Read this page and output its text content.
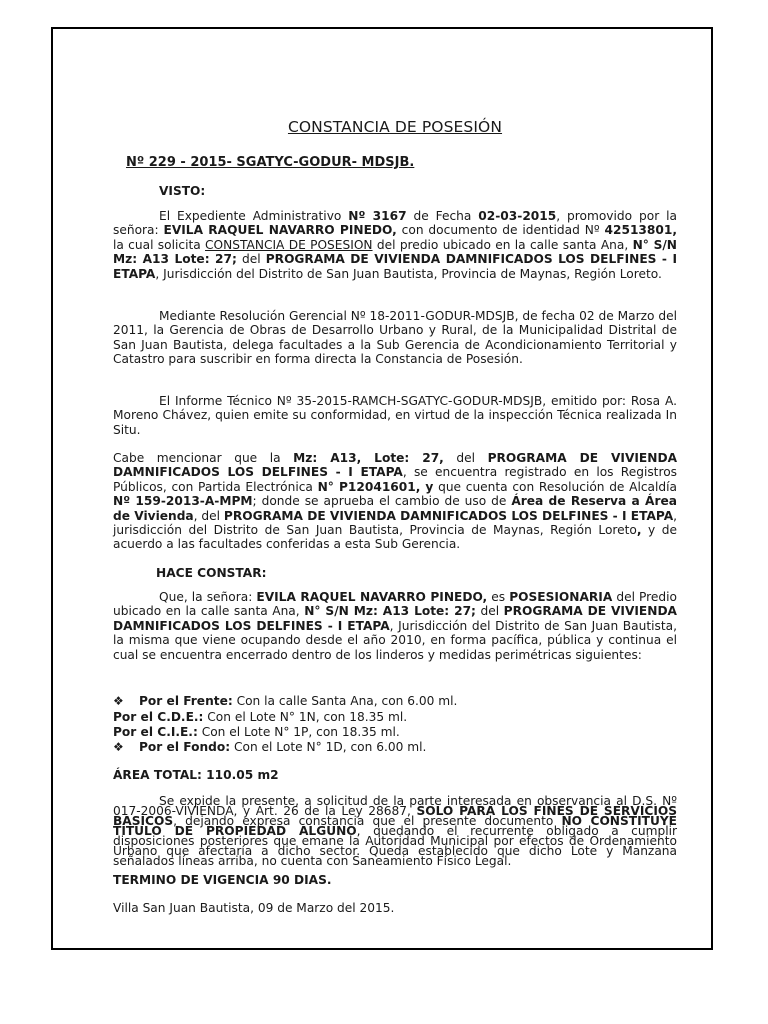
CONSTANCIA DE POSESIÓN
Nº 229 - 2015- SGATYC-GODUR- MDSJB.
VISTO:
El Expediente Administrativo Nº 3167 de Fecha 02-03-2015, promovido por la señora: EVILA RAQUEL NAVARRO PINEDO, con documento de identidad Nº 42513801, la cual solicita CONSTANCIA DE POSESION del predio ubicado en la calle santa Ana, N° S/N Mz: A13 Lote: 27; del PROGRAMA DE VIVIENDA DAMNIFICADOS LOS DELFINES - I ETAPA, Jurisdicción del Distrito de San Juan Bautista, Provincia de Maynas, Región Loreto.
Mediante Resolución Gerencial Nº 18-2011-GODUR-MDSJB, de fecha 02 de Marzo del 2011, la Gerencia de Obras de Desarrollo Urbano y Rural, de la Municipalidad Distrital de San Juan Bautista, delega facultades a la Sub Gerencia de Acondicionamiento Territorial y Catastro para suscribir en forma directa la Constancia de Posesión.
El Informe Técnico Nº 35-2015-RAMCH-SGATYC-GODUR-MDSJB, emitido por: Rosa A. Moreno Chávez, quien emite su conformidad, en virtud de la inspección Técnica realizada In Situ.
Cabe mencionar que la Mz: A13, Lote: 27, del PROGRAMA DE VIVIENDA DAMNIFICADOS LOS DELFINES - I ETAPA, se encuentra registrado en los Registros Públicos, con Partida Electrónica N° P12041601, y que cuenta con Resolución de Alcaldía Nº 159-2013-A-MPM; donde se aprueba el cambio de uso de Área de Reserva a Área de Vivienda, del PROGRAMA DE VIVIENDA DAMNIFICADOS LOS DELFINES - I ETAPA, jurisdicción del Distrito de San Juan Bautista, Provincia de Maynas, Región Loreto, y de acuerdo a las facultades conferidas a esta Sub Gerencia.
HACE CONSTAR:
Que, la señora: EVILA RAQUEL NAVARRO PINEDO, es POSESIONARIA del Predio ubicado en la calle santa Ana, N° S/N Mz: A13 Lote: 27; del PROGRAMA DE VIVIENDA DAMNIFICADOS LOS DELFINES - I ETAPA, Jurisdicción del Distrito de San Juan Bautista, la misma que viene ocupando desde el año 2010, en forma pacífica, pública y continua el cual se encuentra encerrado dentro de los linderos y medidas perimétricas siguientes:
❖ Por el Frente: Con la calle Santa Ana, con 6.00 ml.
Por el C.D.E.: Con el Lote N° 1N, con 18.35 ml.
Por el C.I.E.: Con el Lote N° 1P, con 18.35 ml.
❖ Por el Fondo: Con el Lote N° 1D, con 6.00 ml.
ÁREA TOTAL: 110.05 m2
Se expide la presente, a solicitud de la parte interesada en observancia al D.S. Nº 017-2006-VIVIENDA, y Art. 26 de la Ley 28687, SOLO PARA LOS FINES DE SERVICIOS BASICOS, dejando expresa constancia que el presente documento NO CONSTITUYE TITULO DE PROPIEDAD ALGUNO, quedando el recurrente obligado a cumplir disposiciones posteriores que emane la Autoridad Municipal por efectos de Ordenamiento Urbano que afectaría a dicho sector. Queda establecido que dicho Lote y Manzana señalados líneas arriba, no cuenta con Saneamiento Físico Legal.
TERMINO DE VIGENCIA 90 DIAS.
Villa San Juan Bautista, 09 de Marzo del 2015.
